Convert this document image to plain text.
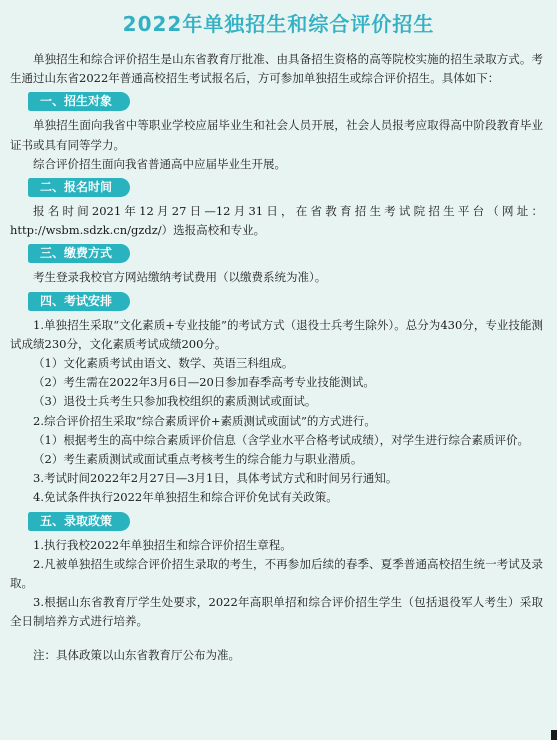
2022年单独招生和综合评价招生

单独招生和综合评价招生是山东省教育厅批准、由具备招生资格的高等院校实施的招生录取方式。考生通过山东省2022年普通高校招生考试报名后，方可参加单独招生或综合评价招生。具体如下：

一、招生对象

单独招生面向我省中等职业学校应届毕业生和社会人员开展，社会人员报考应取得高中阶段教育毕业证书或具有同等学力。

综合评价招生面向我省普通高中应届毕业生开展。

二、报名时间

报名时间2021年12月27日—12月31日，在省教育招生考试院招生平台（网址：http://wsbm.sdzk.cn/gzdz/）选报高校和专业。

三、缴费方式

考生登录我校官方网站缴纳考试费用（以缴费系统为准）。

四、考试安排

1.单独招生采取“文化素质+专业技能”的考试方式（退役士兵考生除外）。总分为430分，专业技能测试成绩230分，文化素质考试成绩200分。

（1）文化素质考试由语文、数学、英语三科组成。

（2）考生需在2022年3月6日—20日参加春季高考专业技能测试。

（3）退役士兵考生只参加我校组织的素质测试或面试。

2.综合评价招生采取“综合素质评价+素质测试或面试”的方式进行。

（1）根据考生的高中综合素质评价信息（含学业水平合格考试成绩），对学生进行综合素质评价。

（2）考生素质测试或面试重点考核考生的综合能力与职业潜质。

3.考试时间2022年2月27日—3月1日，具体考试方式和时间另行通知。

4.免试条件执行2022年单独招生和综合评价免试有关政策。

五、录取政策

1.执行我校2022年单独招生和综合评价招生章程。

2.凡被单独招生或综合评价招生录取的考生，不再参加后续的春季、夏季普通高校招生统一考试及录取。

3.根据山东省教育厅学生处要求，2022年高职单招和综合评价招生学生（包括退役军人考生）采取全日制培养方式进行培养。

注：具体政策以山东省教育厅公布为准。
